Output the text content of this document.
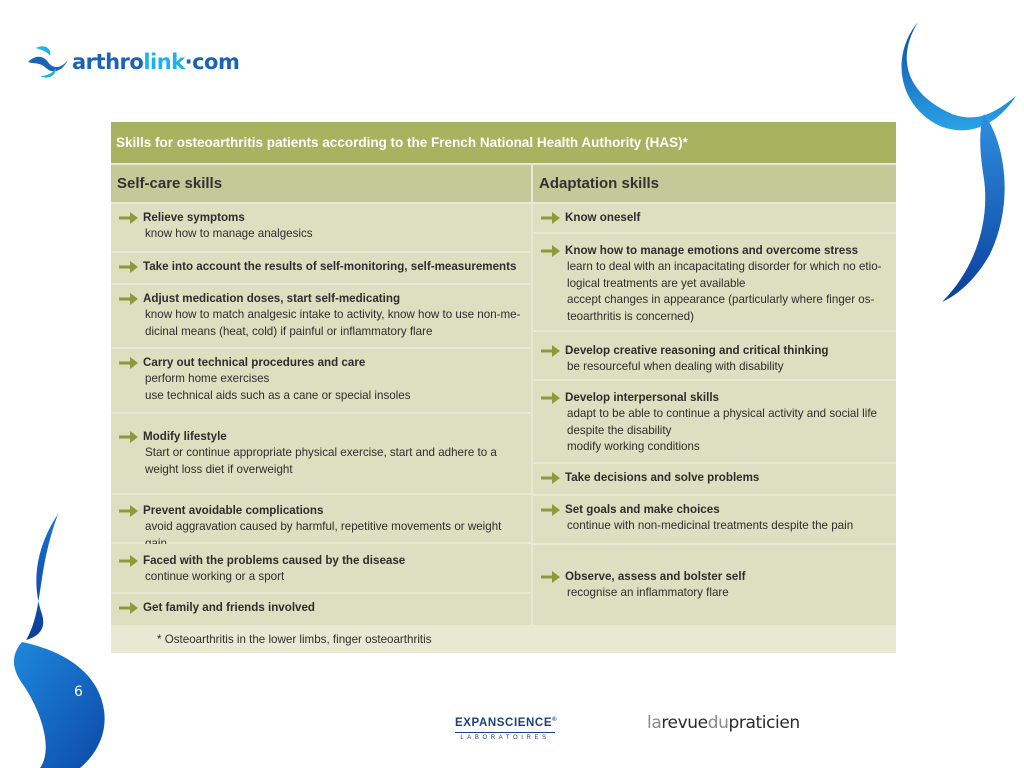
6
arthrolink·com
Skills for osteoarthritis patients according to the French National Health Authority (HAS)*
Self-care skills	Adaptation skills
Relieve symptoms
know how to manage analgesics
Take into account the results of self-monitoring, self-measurements
Adjust medication doses, start self-medicating
know how to match analgesic intake to activity, know how to use non-me-
dicinal means (heat, cold) if painful or inflammatory flare
Carry out technical procedures and care
perform home exercises
use technical aids such as a cane or special insoles
Modify lifestyle
Start or continue appropriate physical exercise, start and adhere to a
weight loss diet if overweight
Prevent avoidable complications
avoid aggravation caused by harmful, repetitive movements or weight
Faced with the problems caused by the disease
continue working or a sport
Get family and friends involved
Know oneself
Know how to manage emotions and overcome stress
learn to deal with an incapacitating disorder for which no etio-
logical treatments are yet available
accept changes in appearance (particularly where finger os-
teoarthritis is concerned)
Develop creative reasoning and critical thinking
be resourceful when dealing with disability
Develop interpersonal skills
adapt to be able to continue a physical activity and social life
despite the disability
modify working conditions
Take decisions and solve problems
Set goals and make choices
continue with non-medicinal treatments despite the pain
Observe, assess and bolster self
recognise an inflammatory flare
* Osteoarthritis in the lower limbs, finger osteoarthritis
EXPANSCIENCE®
LABORATOIRES
larevuedupraticien
